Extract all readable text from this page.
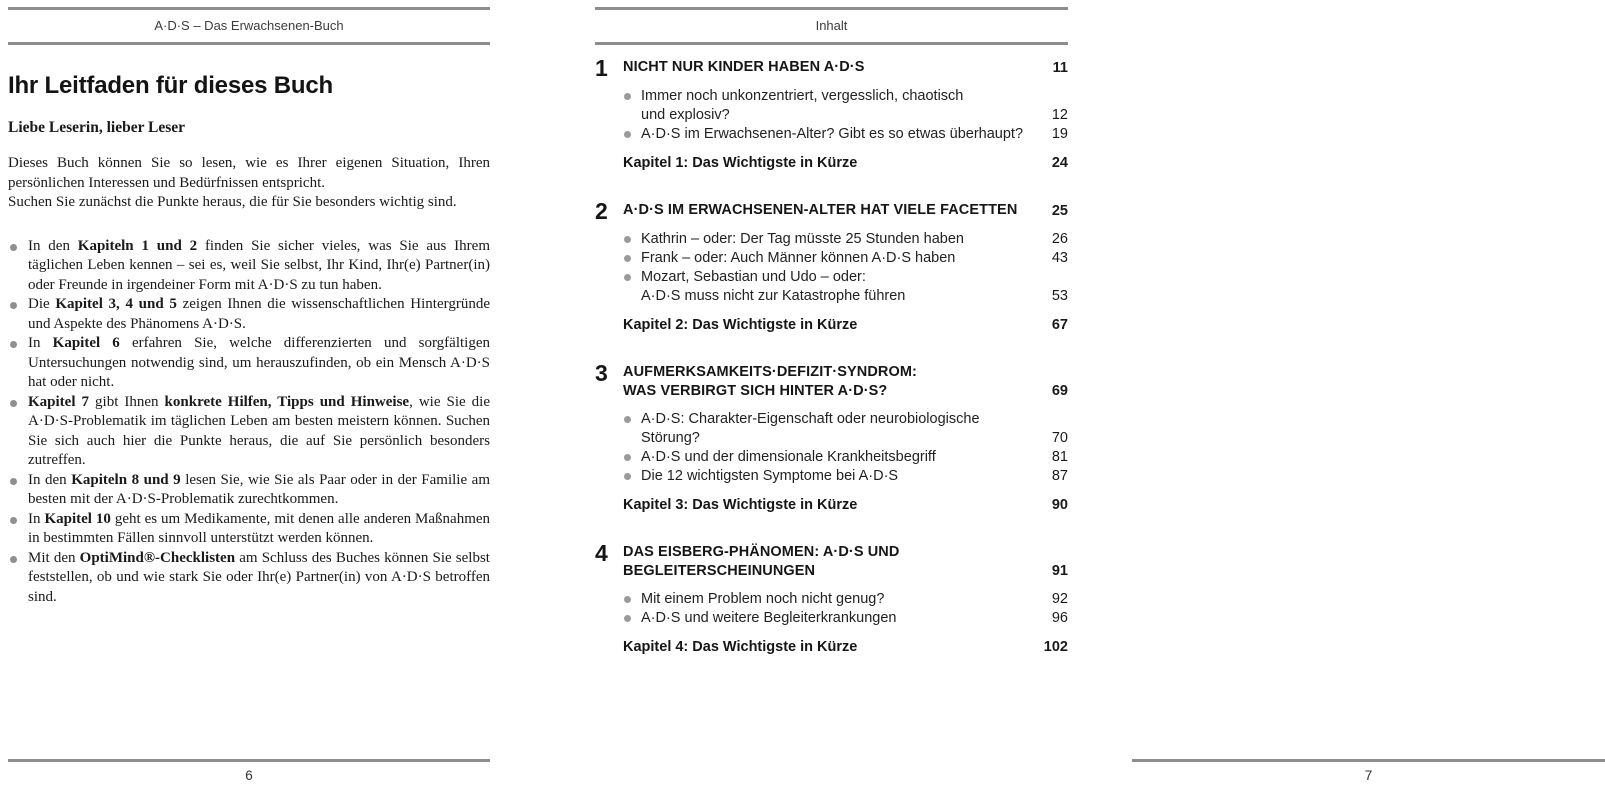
A·D·S – Das Erwachsenen-Buch
Ihr Leitfaden für dieses Buch
Liebe Leserin, lieber Leser
Dieses Buch können Sie so lesen, wie es Ihrer eigenen Situation, Ihren persönlichen Interessen und Bedürfnissen entspricht.
Suchen Sie zunächst die Punkte heraus, die für Sie besonders wichtig sind.
In den Kapiteln 1 und 2 finden Sie sicher vieles, was Sie aus Ihrem täglichen Leben kennen – sei es, weil Sie selbst, Ihr Kind, Ihr(e) Partner(in) oder Freunde in irgendeiner Form mit A·D·S zu tun haben.
Die Kapitel 3, 4 und 5 zeigen Ihnen die wissenschaftlichen Hintergründe und Aspekte des Phänomens A·D·S.
In Kapitel 6 erfahren Sie, welche differenzierten und sorgfältigen Untersuchungen notwendig sind, um herauszufinden, ob ein Mensch A·D·S hat oder nicht.
Kapitel 7 gibt Ihnen konkrete Hilfen, Tipps und Hinweise, wie Sie die A·D·S-Problematik im täglichen Leben am besten meistern können. Suchen Sie sich auch hier die Punkte heraus, die auf Sie persönlich besonders zutreffen.
In den Kapiteln 8 und 9 lesen Sie, wie Sie als Paar oder in der Familie am besten mit der A·D·S-Problematik zurechtkommen.
In Kapitel 10 geht es um Medikamente, mit denen alle anderen Maßnahmen in bestimmten Fällen sinnvoll unterstützt werden können.
Mit den OptiMind®-Checklisten am Schluss des Buches können Sie selbst feststellen, ob und wie stark Sie oder Ihr(e) Partner(in) von A·D·S betroffen sind.
6
Inhalt
1	NICHT NUR KINDER HABEN A·D·S	11
Immer noch unkonzentriert, vergesslich, chaotisch
und explosiv?	12
A·D·S im Erwachsenen-Alter? Gibt es so etwas überhaupt?	19
Kapitel 1: Das Wichtigste in Kürze	24
2	A·D·S IM ERWACHSENEN-ALTER HAT VIELE FACETTEN	25
Kathrin – oder: Der Tag müsste 25 Stunden haben	26
Frank – oder: Auch Männer können A·D·S haben	43
Mozart, Sebastian und Udo – oder:
A·D·S muss nicht zur Katastrophe führen	53
Kapitel 2: Das Wichtigste in Kürze	67
3	AUFMERKSAMKEITS·DEFIZIT·SYNDROM:
WAS VERBIRGT SICH HINTER A·D·S?	69
A·D·S: Charakter-Eigenschaft oder neurobiologische Störung?	70
A·D·S und der dimensionale Krankheitsbegriff	81
Die 12 wichtigsten Symptome bei A·D·S	87
Kapitel 3: Das Wichtigste in Kürze	90
4	DAS EISBERG-PHÄNOMEN: A·D·S UND BEGLEITERSCHEINUNGEN	91
Mit einem Problem noch nicht genug?	92
A·D·S und weitere Begleiterkrankungen	96
Kapitel 4: Das Wichtigste in Kürze	102
7
